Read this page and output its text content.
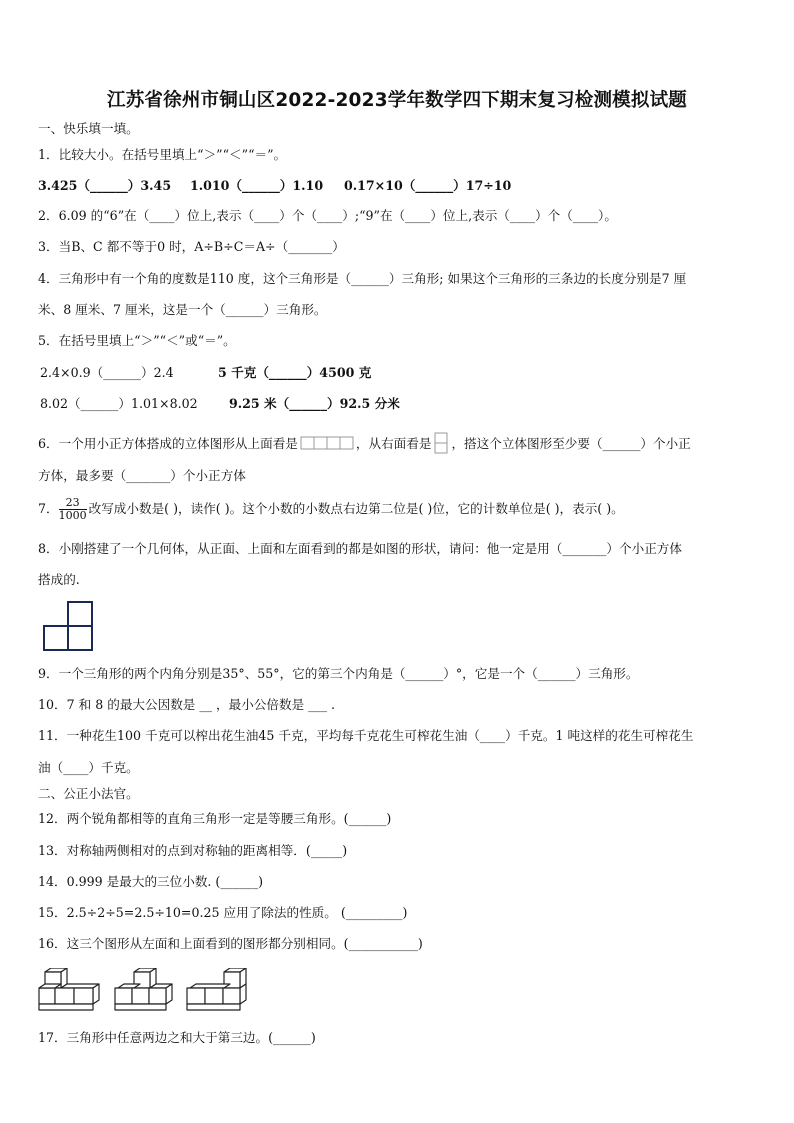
江苏省徐州市铜山区2022-2023学年数学四下期末复习检测模拟试题
一、快乐填一填。
1．比较大小。在括号里填上“＞”“＜”“＝”。
3.425（______）3.45 1.010（______）1.10 0.17×10（______）17÷10
2．6.09 的“6”在（____）位上,表示（____）个（____）;“9”在（____）位上,表示（____）个（____）。
3．当B、C 都不等于0 时，A÷B÷C＝A÷（_______）
4．三角形中有一个角的度数是110 度，这个三角形是（______）三角形; 如果这个三角形的三条边的长度分别是7 厘
米、8 厘米、7 厘米，这是一个（______）三角形。
5．在括号里填上“＞”“＜”或“＝”。
2.4×0.9（______）2.4	5 千克（______）4500 克
8.02（______）1.01×8.02 9.25 米（______）92.5 分米
6．一个用小正方体搭成的立体图形从上面看是	，从右面看是 ，搭这个立体图形至少要（______）个小正
方体，最多要（_______）个小正方体
7． $\frac{23}{1000}$ 改写成小数是( )，读作( )。这个小数的小数点右边第二位是( )位，它的计数单位是( )，表示( )。
8．小刚搭建了一个几何体，从正面、上面和左面看到的都是如图的形状，请问：他一定是用（_______）个小正方体
搭成的.
9．一个三角形的两个内角分别是35°、55°，它的第三个内角是（______）°，它是一个（______）三角形。
10．7 和 8 的最大公因数是 __ ，最小公倍数是 ___ .
11．一种花生100 千克可以榨出花生油45 千克，平均每千克花生可榨花生油（____）千克。1 吨这样的花生可榨花生
油（____）千克。
二、公正小法官。
12．两个锐角都相等的直角三角形一定是等腰三角形。(______)
13．对称轴两侧相对的点到对称轴的距离相等．(_____)
14．0.999 是最大的三位小数. (______)
15．2.5÷2÷5=2.5÷10=0.25 应用了除法的性质。 (_________)
16．这三个图形从左面和上面看到的图形都分别相同。(___________)
17．三角形中任意两边之和大于第三边。(______)
